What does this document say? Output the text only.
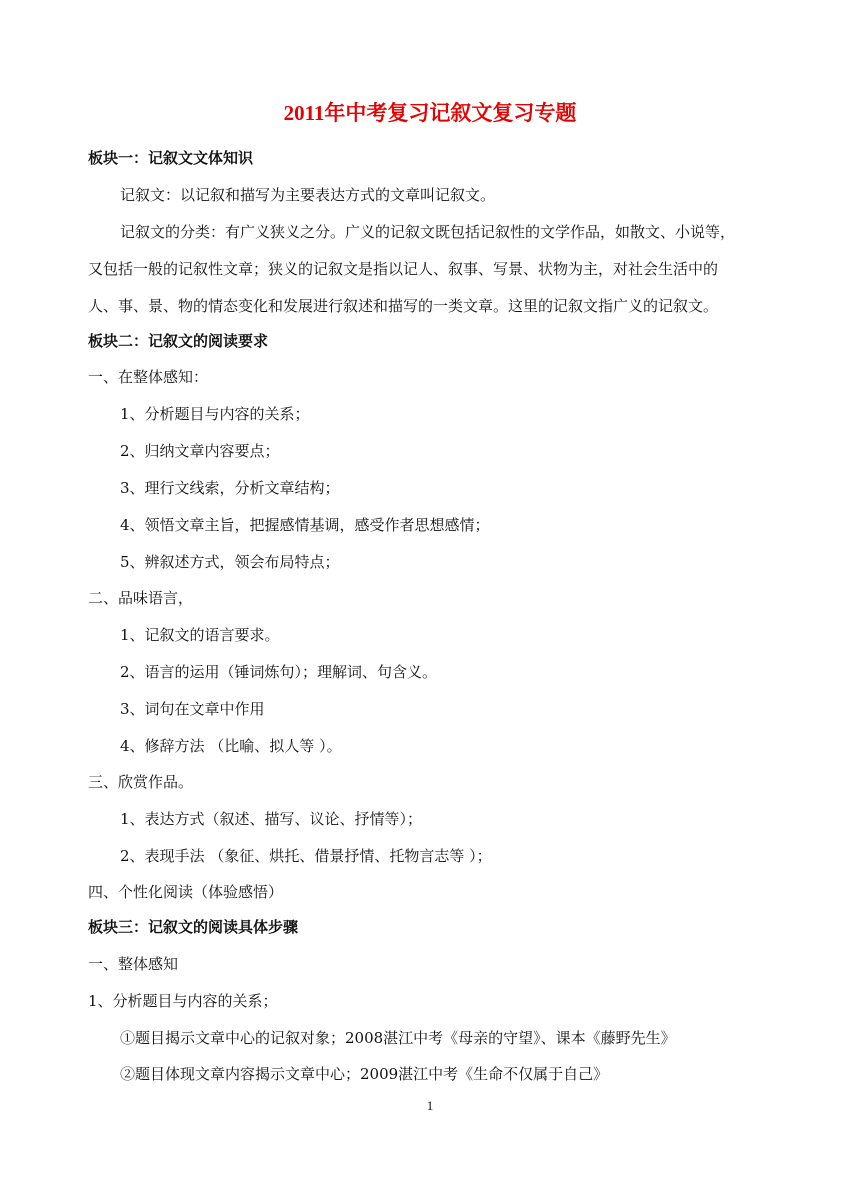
2011年中考复习记叙文复习专题
板块一：记叙文文体知识
记叙文：以记叙和描写为主要表达方式的文章叫记叙文。
记叙文的分类：有广义狭义之分。广义的记叙文既包括记叙性的文学作品，如散文、小说等，
又包括一般的记叙性文章；狭义的记叙文是指以记人、叙事、写景、状物为主，对社会生活中的
人、事、景、物的情态变化和发展进行叙述和描写的一类文章。这里的记叙文指广义的记叙文。
板块二：记叙文的阅读要求
一、在整体感知：
1、分析题目与内容的关系；
2、归纳文章内容要点；
3、理行文线索，分析文章结构；
4、领悟文章主旨，把握感情基调，感受作者思想感情；
5、辨叙述方式，领会布局特点；
二、品味语言，
1、记叙文的语言要求。
2、语言的运用（锤词炼句）；理解词、句含义。
3、词句在文章中作用
4、修辞方法 （比喻、拟人等 ）。
三、欣赏作品。
1、表达方式（叙述、描写、议论、抒情等）；
2、表现手法 （象征、烘托、借景抒情、托物言志等 ）；
四、个性化阅读（体验感悟）
板块三：记叙文的阅读具体步骤
一、整体感知
1、分析题目与内容的关系；
①题目揭示文章中心的记叙对象；2008湛江中考《母亲的守望》、课本《藤野先生》
②题目体现文章内容揭示文章中心；2009湛江中考《生命不仅属于自己》
1
